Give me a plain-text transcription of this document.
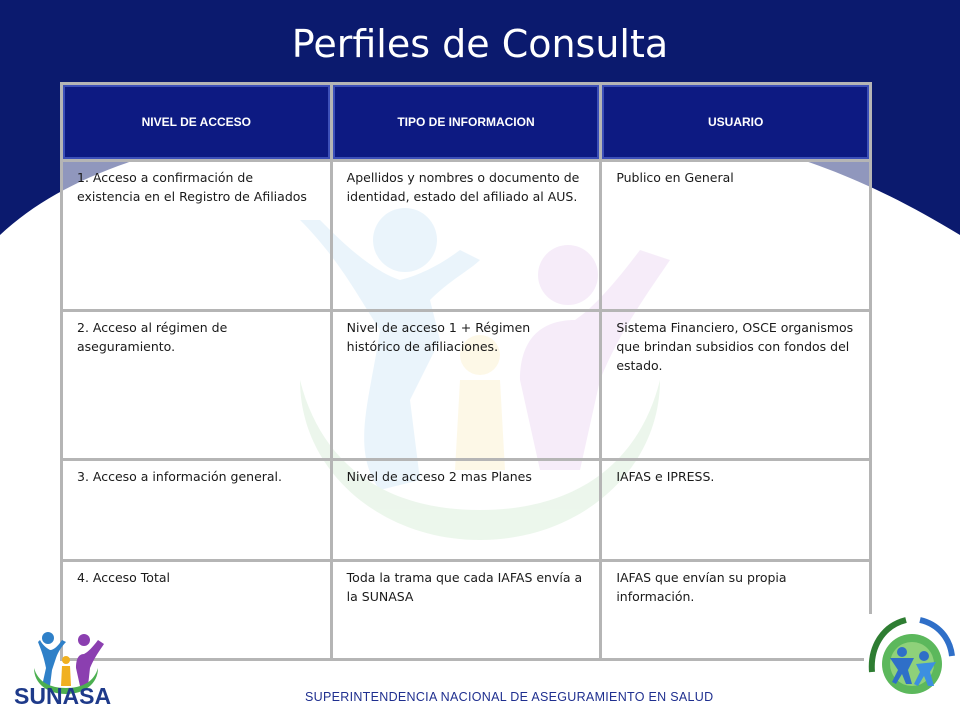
Perfiles de Consulta
NIVEL DE ACCESO	TIPO DE INFORMACION	USUARIO
1. Acceso a confirmación de existencia en el Registro de Afiliados	Apellidos y nombres o documento de identidad, estado del afiliado al AUS.	Publico en General
2. Acceso al régimen de aseguramiento.	Nivel de acceso 1 + Régimen histórico de afiliaciones.	Sistema Financiero, OSCE organismos que brindan subsidios con fondos del estado.
3. Acceso a información general.	Nivel de acceso 2 mas Planes	IAFAS e IPRESS.
4. Acceso Total	Toda la trama que cada IAFAS envía a la SUNASA	IAFAS que envían su propia información.
SUNASA	SUPERINTENDENCIA NACIONAL DE ASEGURAMIENTO EN SALUD
